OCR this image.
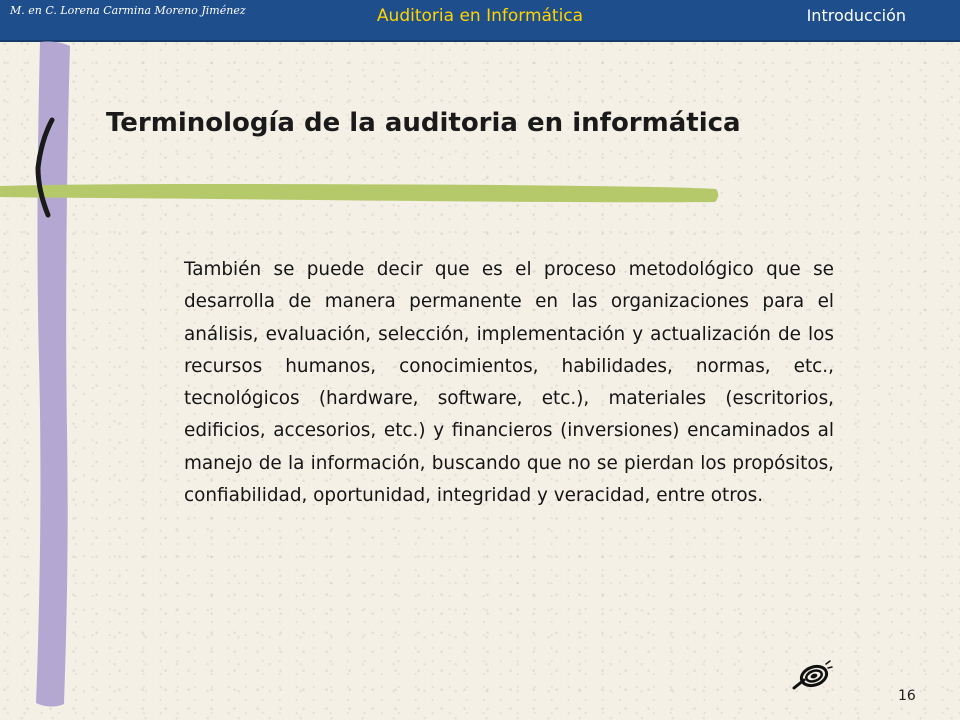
M. en C. Lorena Carmina Moreno Jiménez	Auditoria en Informática	Introducción
Terminología de la auditoria en informática
También se puede decir que es el proceso metodológico que se desarrolla de manera permanente en las organizaciones para el análisis, evaluación, selección, implementación y actualización de los recursos humanos, conocimientos, habilidades, normas, etc., tecnológicos (hardware, software, etc.), materiales (escritorios, edificios, accesorios, etc.) y financieros (inversiones) encaminados al manejo de la información, buscando que no se pierdan los propósitos, confiabilidad, oportunidad, integridad y veracidad, entre otros.
16
